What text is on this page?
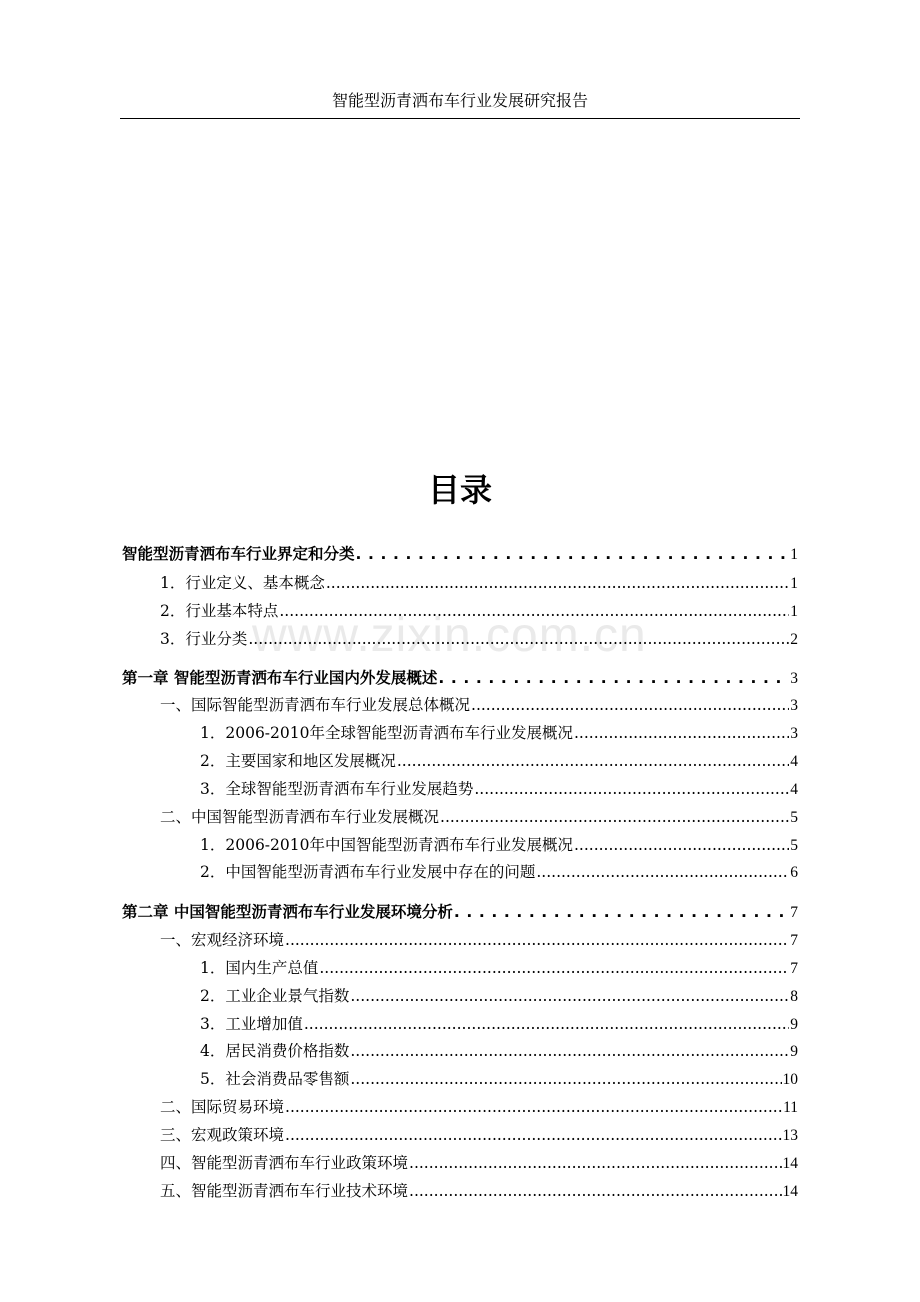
智能型沥青洒布车行业发展研究报告
www.zixin.com.cn
目录
智能型沥青洒布车行业界定和分类 . . .	1
1．行业定义、基本概念 .....	1
2．行业基本特点 .....	1
3．行业分类 .....	2
第一章 智能型沥青洒布车行业国内外发展概述 . . .	3
一、国际智能型沥青洒布车行业发展总体概况 .....	3
1．2006-2010年全球智能型沥青洒布车行业发展概况 .....	3
2．主要国家和地区发展概况 .....	4
3．全球智能型沥青洒布车行业发展趋势 .....	4
二、中国智能型沥青洒布车行业发展概况 .....	5
1．2006-2010年中国智能型沥青洒布车行业发展概况 .....	5
2．中国智能型沥青洒布车行业发展中存在的问题 .....	6
第二章 中国智能型沥青洒布车行业发展环境分析 . . .	7
一、宏观经济环境 .....	7
1．国内生产总值 .....	7
2．工业企业景气指数 .....	8
3．工业增加值 .....	9
4．居民消费价格指数 .....	9
5．社会消费品零售额 .....	10
二、国际贸易环境 .....	11
三、宏观政策环境 .....	13
四、智能型沥青洒布车行业政策环境 .....	14
五、智能型沥青洒布车行业技术环境 .....	14
